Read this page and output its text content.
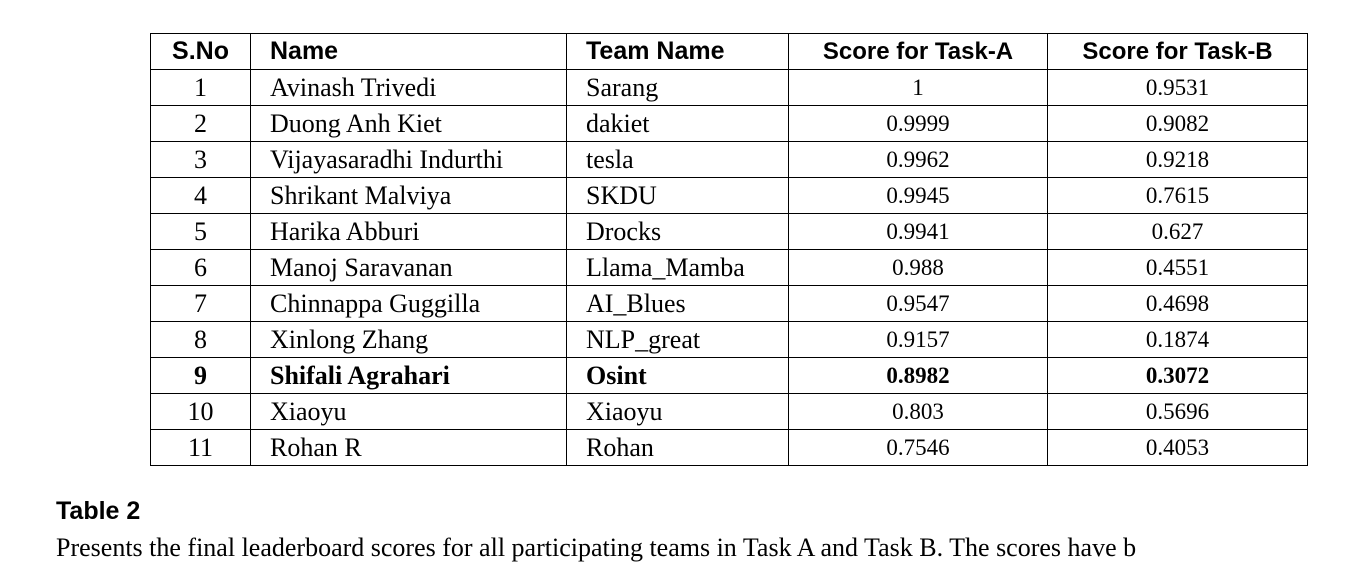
S.No	Name	Team Name	Score for Task-A	Score for Task-B
1	Avinash Trivedi	Sarang	1	0.9531
2	Duong Anh Kiet	dakiet	0.9999	0.9082
3	Vijayasaradhi Indurthi	tesla	0.9962	0.9218
4	Shrikant Malviya	SKDU	0.9945	0.7615
5	Harika Abburi	Drocks	0.9941	0.627
6	Manoj Saravanan	Llama_Mamba	0.988	0.4551
7	Chinnappa Guggilla	AI_Blues	0.9547	0.4698
8	Xinlong Zhang	NLP_great	0.9157	0.1874
9	Shifali Agrahari	Osint	0.8982	0.3072
10	Xiaoyu	Xiaoyu	0.803	0.5696
11	Rohan R	Rohan	0.7546	0.4053
Table 2
Presents the final leaderboard scores for all participating teams in Task A and Task B. The scores have b
